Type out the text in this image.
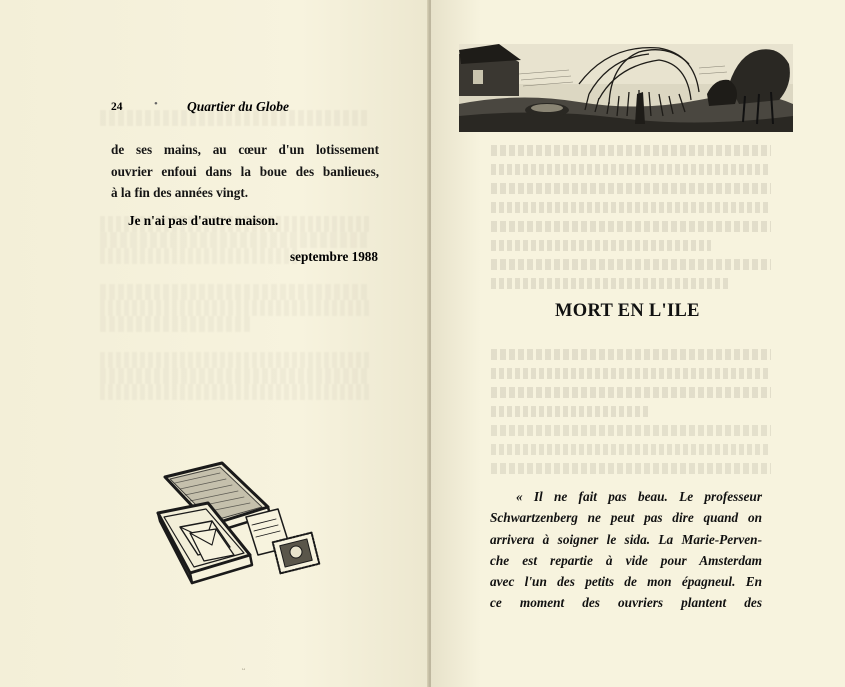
24	• Quartier du Globe
de ses mains, au cœur d'un lotissement
ouvrier enfoui dans la boue des banlieues,
à la fin des années vingt.
Je n'ai pas d'autre maison.
septembre 1988
ᵕ
MORT EN L'ILE
« Il ne fait pas beau. Le professeur
Schwartzenberg ne peut pas dire quand on
arrivera à soigner le sida. La Marie-Perven-
che est repartie à vide pour Amsterdam
avec l'un des petits de mon épagneul. En
ce moment des ouvriers plantent des
